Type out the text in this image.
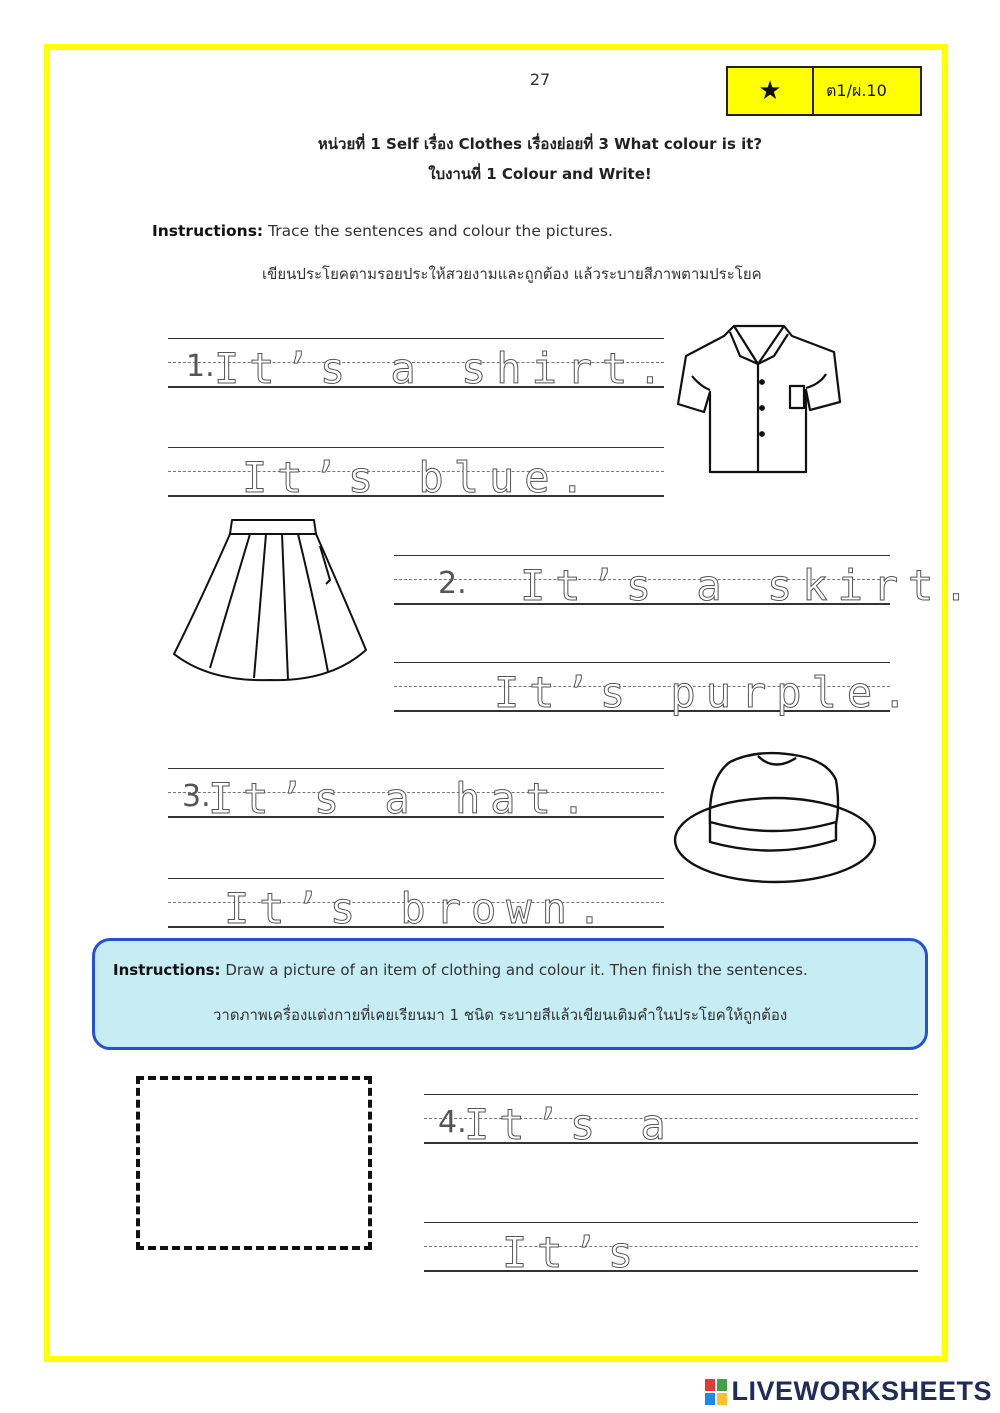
27	★	ต1/ผ.10
หน่วยที่ 1 Self เรื่อง Clothes เรื่องย่อยที่ 3 What colour is it?
ใบงานที่ 1 Colour and Write!
Instructions: Trace the sentences and colour the pictures.
เขียนประโยคตามรอยประให้สวยงามและถูกต้อง แล้วระบายสีภาพตามประโยค
1. It’s a shirt.
It’s blue.
2. It’s a skirt.
It’s purple.
3.
It’s a hat.
It’s brown.
Instructions: Draw a picture of an item of clothing and colour it. Then finish the sentences.
วาดภาพเครื่องแต่งกายที่เคยเรียนมา 1 ชนิด ระบายสีแล้วเขียนเติมคำในประโยคให้ถูกต้อง
4.
It’s a
It’s
LIVEWORKSHEETS
